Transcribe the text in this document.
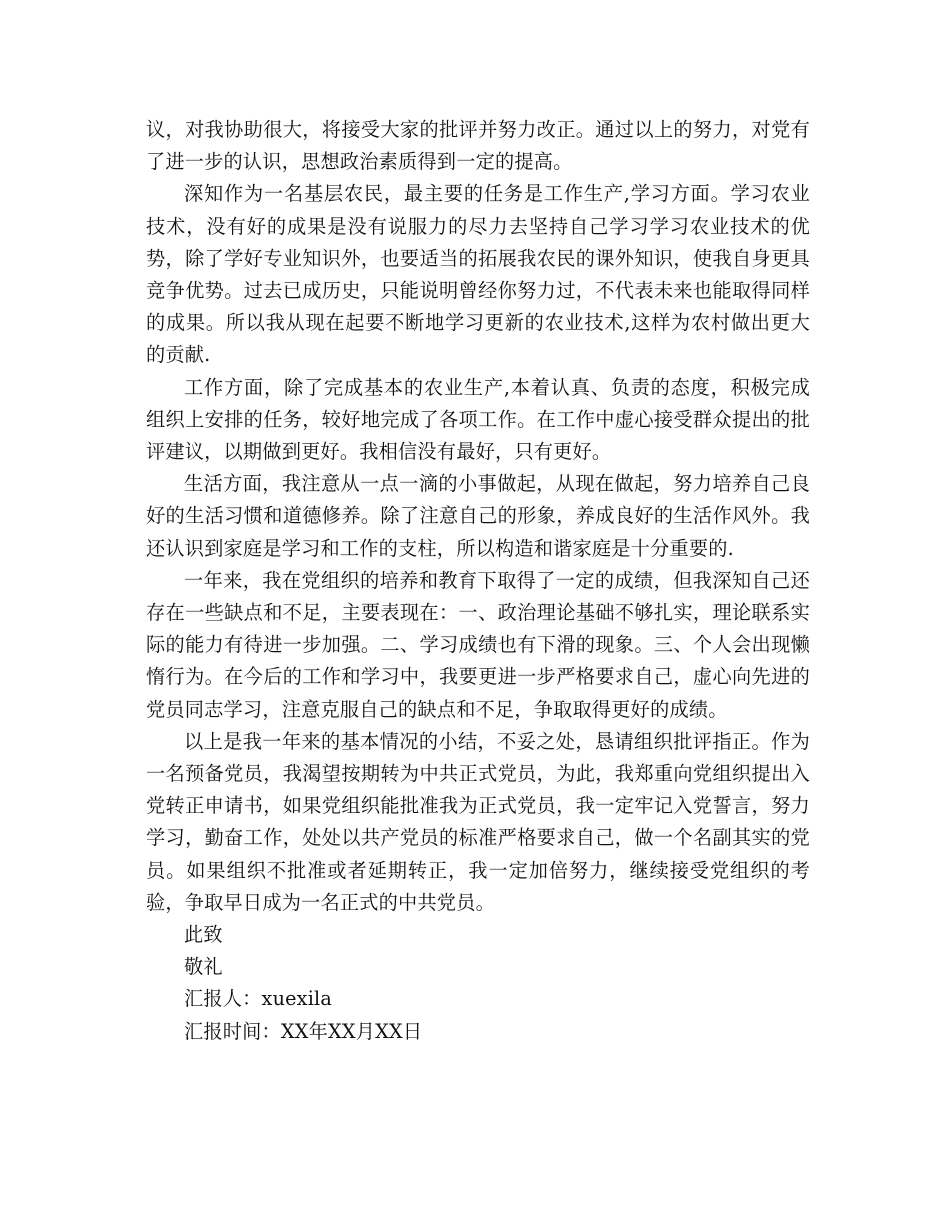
议，对我协助很大，将接受大家的批评并努力改正。通过以上的努力，对党有了进一步的认识，思想政治素质得到一定的提高。

深知作为一名基层农民，最主要的任务是工作生产,学习方面。学习农业技术，没有好的成果是没有说服力的尽力去坚持自己学习学习农业技术的优势，除了学好专业知识外，也要适当的拓展我农民的课外知识，使我自身更具竞争优势。过去已成历史，只能说明曾经你努力过，不代表未来也能取得同样的成果。所以我从现在起要不断地学习更新的农业技术,这样为农村做出更大的贡献.

工作方面，除了完成基本的农业生产,本着认真、负责的态度，积极完成组织上安排的任务，较好地完成了各项工作。在工作中虚心接受群众提出的批评建议，以期做到更好。我相信没有最好，只有更好。

生活方面，我注意从一点一滴的小事做起，从现在做起，努力培养自己良好的生活习惯和道德修养。除了注意自己的形象，养成良好的生活作风外。我还认识到家庭是学习和工作的支柱，所以构造和谐家庭是十分重要的.

一年来，我在党组织的培养和教育下取得了一定的成绩，但我深知自己还存在一些缺点和不足，主要表现在：一、政治理论基础不够扎实，理论联系实际的能力有待进一步加强。二、学习成绩也有下滑的现象。三、个人会出现懒惰行为。在今后的工作和学习中，我要更进一步严格要求自己，虚心向先进的党员同志学习，注意克服自己的缺点和不足，争取取得更好的成绩。

以上是我一年来的基本情况的小结，不妥之处，恳请组织批评指正。作为一名预备党员，我渴望按期转为中共正式党员，为此，我郑重向党组织提出入党转正申请书，如果党组织能批准我为正式党员，我一定牢记入党誓言，努力学习，勤奋工作，处处以共产党员的标准严格要求自己，做一个名副其实的党员。如果组织不批准或者延期转正，我一定加倍努力，继续接受党组织的考验，争取早日成为一名正式的中共党员。

此致

敬礼

汇报人：xuexila

汇报时间：XX年XX月XX日
